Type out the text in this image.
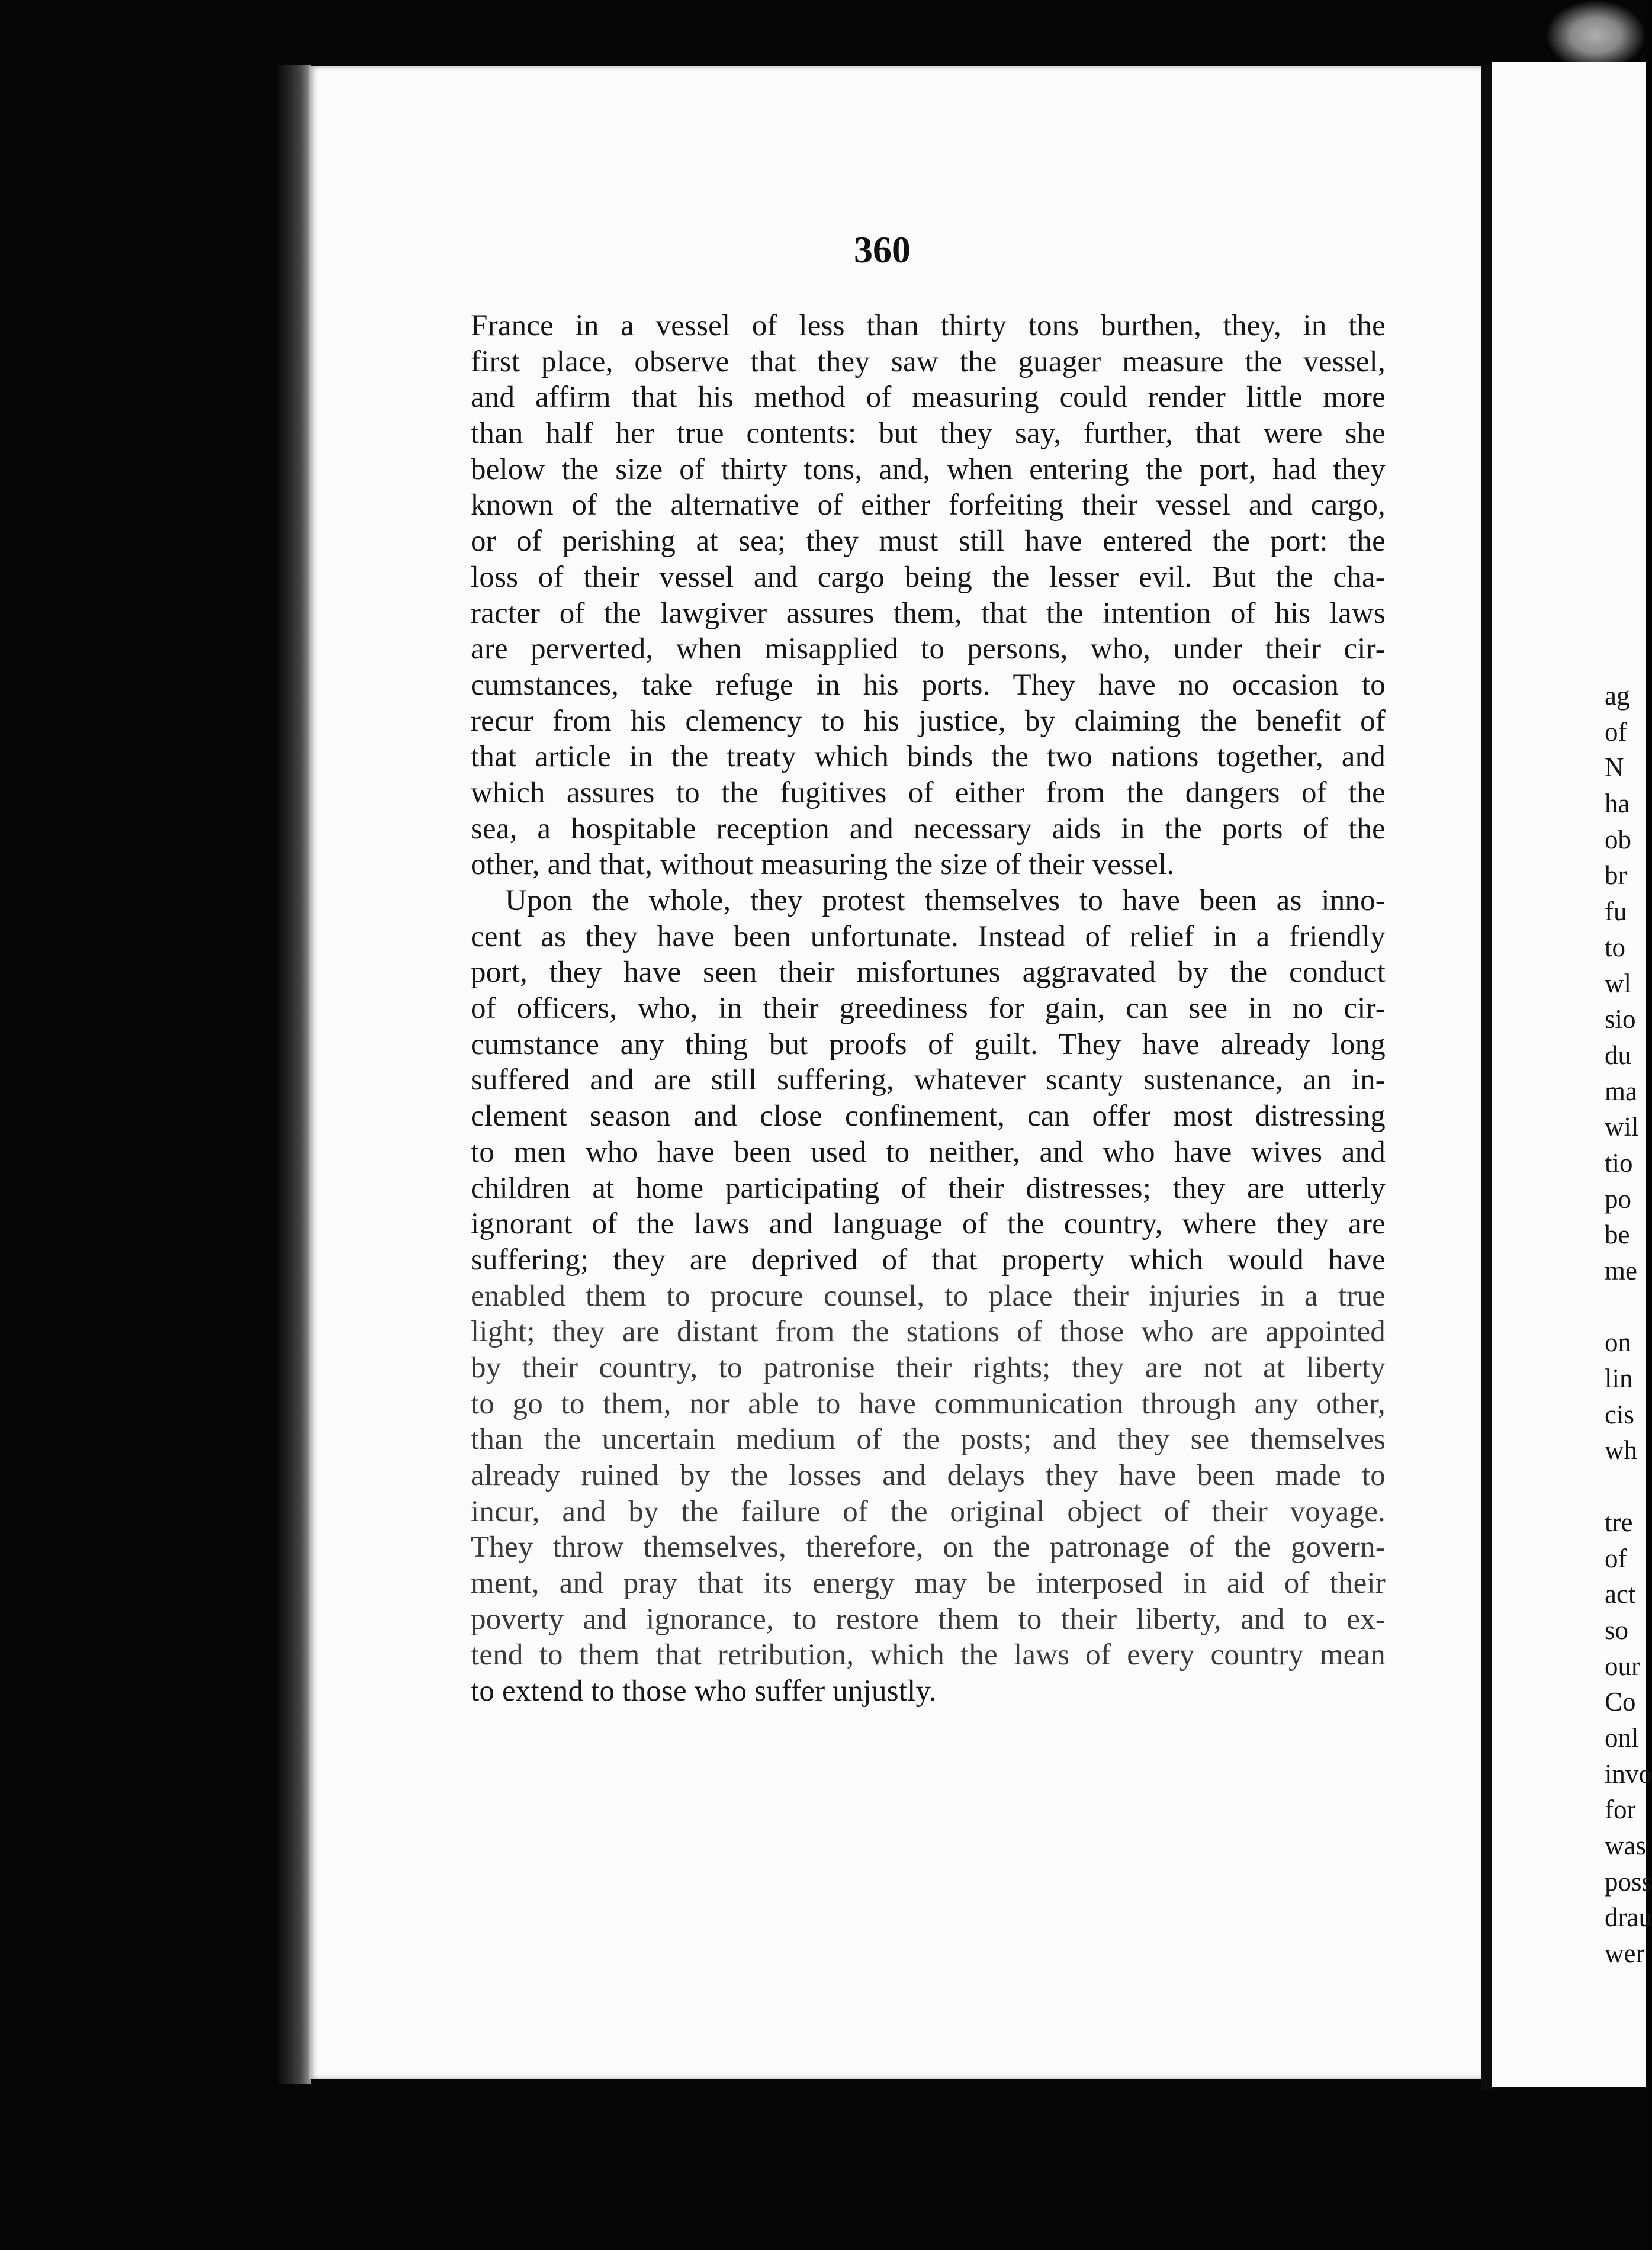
360

France in a vessel of less than thirty tons burthen, they, in the
first place, observe that they saw the guager measure the vessel,
and affirm that his method of measuring could render little more
than half her true contents: but they say, further, that were she
below the size of thirty tons, and, when entering the port, had they
known of the alternative of either forfeiting their vessel and cargo,
or of perishing at sea; they must still have entered the port: the
loss of their vessel and cargo being the lesser evil. But the cha-
racter of the lawgiver assures them, that the intention of his laws
are perverted, when misapplied to persons, who, under their cir-
cumstances, take refuge in his ports. They have no occasion to
recur from his clemency to his justice, by claiming the benefit of
that article in the treaty which binds the two nations together, and
which assures to the fugitives of either from the dangers of the
sea, a hospitable reception and necessary aids in the ports of the
other, and that, without measuring the size of their vessel.
Upon the whole, they protest themselves to have been as inno-
cent as they have been unfortunate. Instead of relief in a friendly
port, they have seen their misfortunes aggravated by the conduct
of officers, who, in their greediness for gain, can see in no cir-
cumstance any thing but proofs of guilt. They have already long
suffered and are still suffering, whatever scanty sustenance, an in-
clement season and close confinement, can offer most distressing
to men who have been used to neither, and who have wives and
children at home participating of their distresses; they are utterly
ignorant of the laws and language of the country, where they are
suffering; they are deprived of that property which would have
enabled them to procure counsel, to place their injuries in a true
light; they are distant from the stations of those who are appointed
by their country, to patronise their rights; they are not at liberty
to go to them, nor able to have communication through any other,
than the uncertain medium of the posts; and they see themselves
already ruined by the losses and delays they have been made to
incur, and by the failure of the original object of their voyage.
They throw themselves, therefore, on the patronage of the govern-
ment, and pray that its energy may be interposed in aid of their
poverty and ignorance, to restore them to their liberty, and to ex-
tend to them that retribution, which the laws of every country mean
to extend to those who suffer unjustly.
ag
of
N
ha
ob
br
fu
to
wl
sio
du
ma
wil
tio
po
be
me
on
lin
cis
wh
tre
of
act
so
our
Co
onl
invo
for
was
poss
drau
wer
